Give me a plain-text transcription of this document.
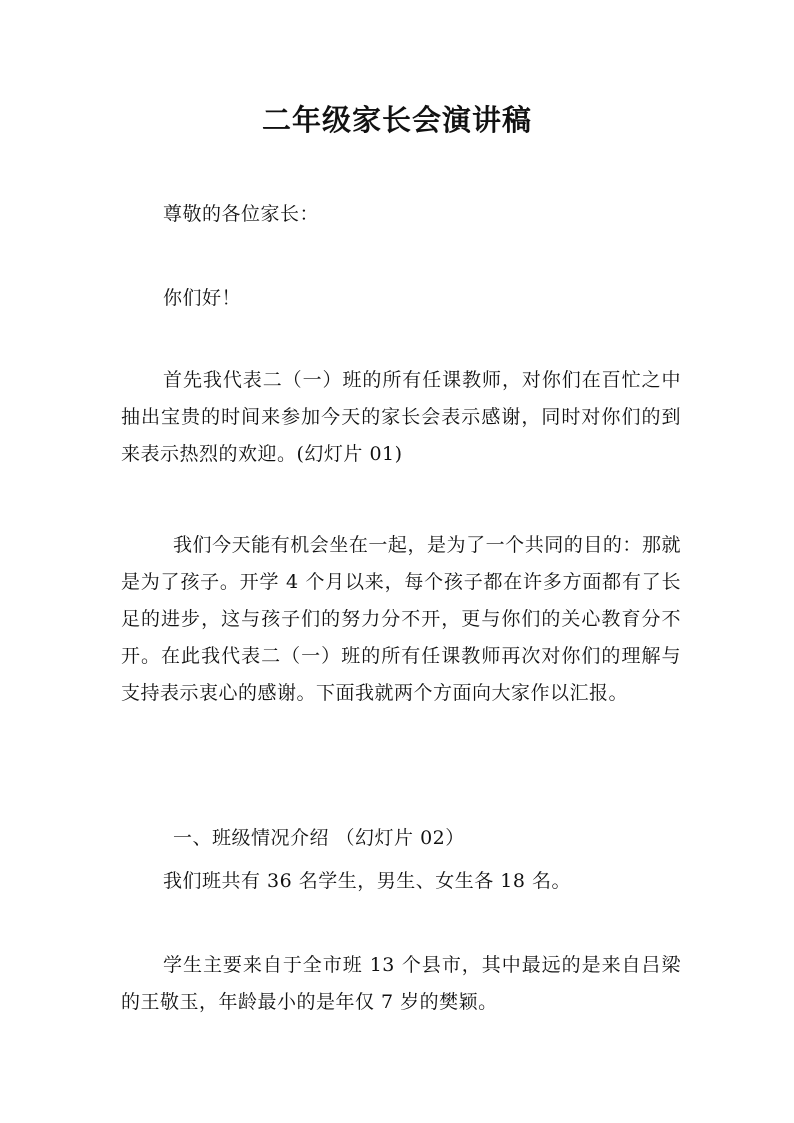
二年级家长会演讲稿

尊敬的各位家长：

你们好！

首先我代表二（一）班的所有任课教师，对你们在百忙之中抽出宝贵的时间来参加今天的家长会表示感谢，同时对你们的到来表示热烈的欢迎。(幻灯片 01)

我们今天能有机会坐在一起，是为了一个共同的目的：那就是为了孩子。开学 4 个月以来，每个孩子都在许多方面都有了长足的进步，这与孩子们的努力分不开，更与你们的关心教育分不开。在此我代表二（一）班的所有任课教师再次对你们的理解与支持表示衷心的感谢。下面我就两个方面向大家作以汇报。

一、班级情况介绍 （幻灯片 02）

我们班共有 36 名学生，男生、女生各 18 名。

学生主要来自于全市班 13 个县市，其中最远的是来自吕梁的王敬玉，年龄最小的是年仅 7 岁的樊颖。
